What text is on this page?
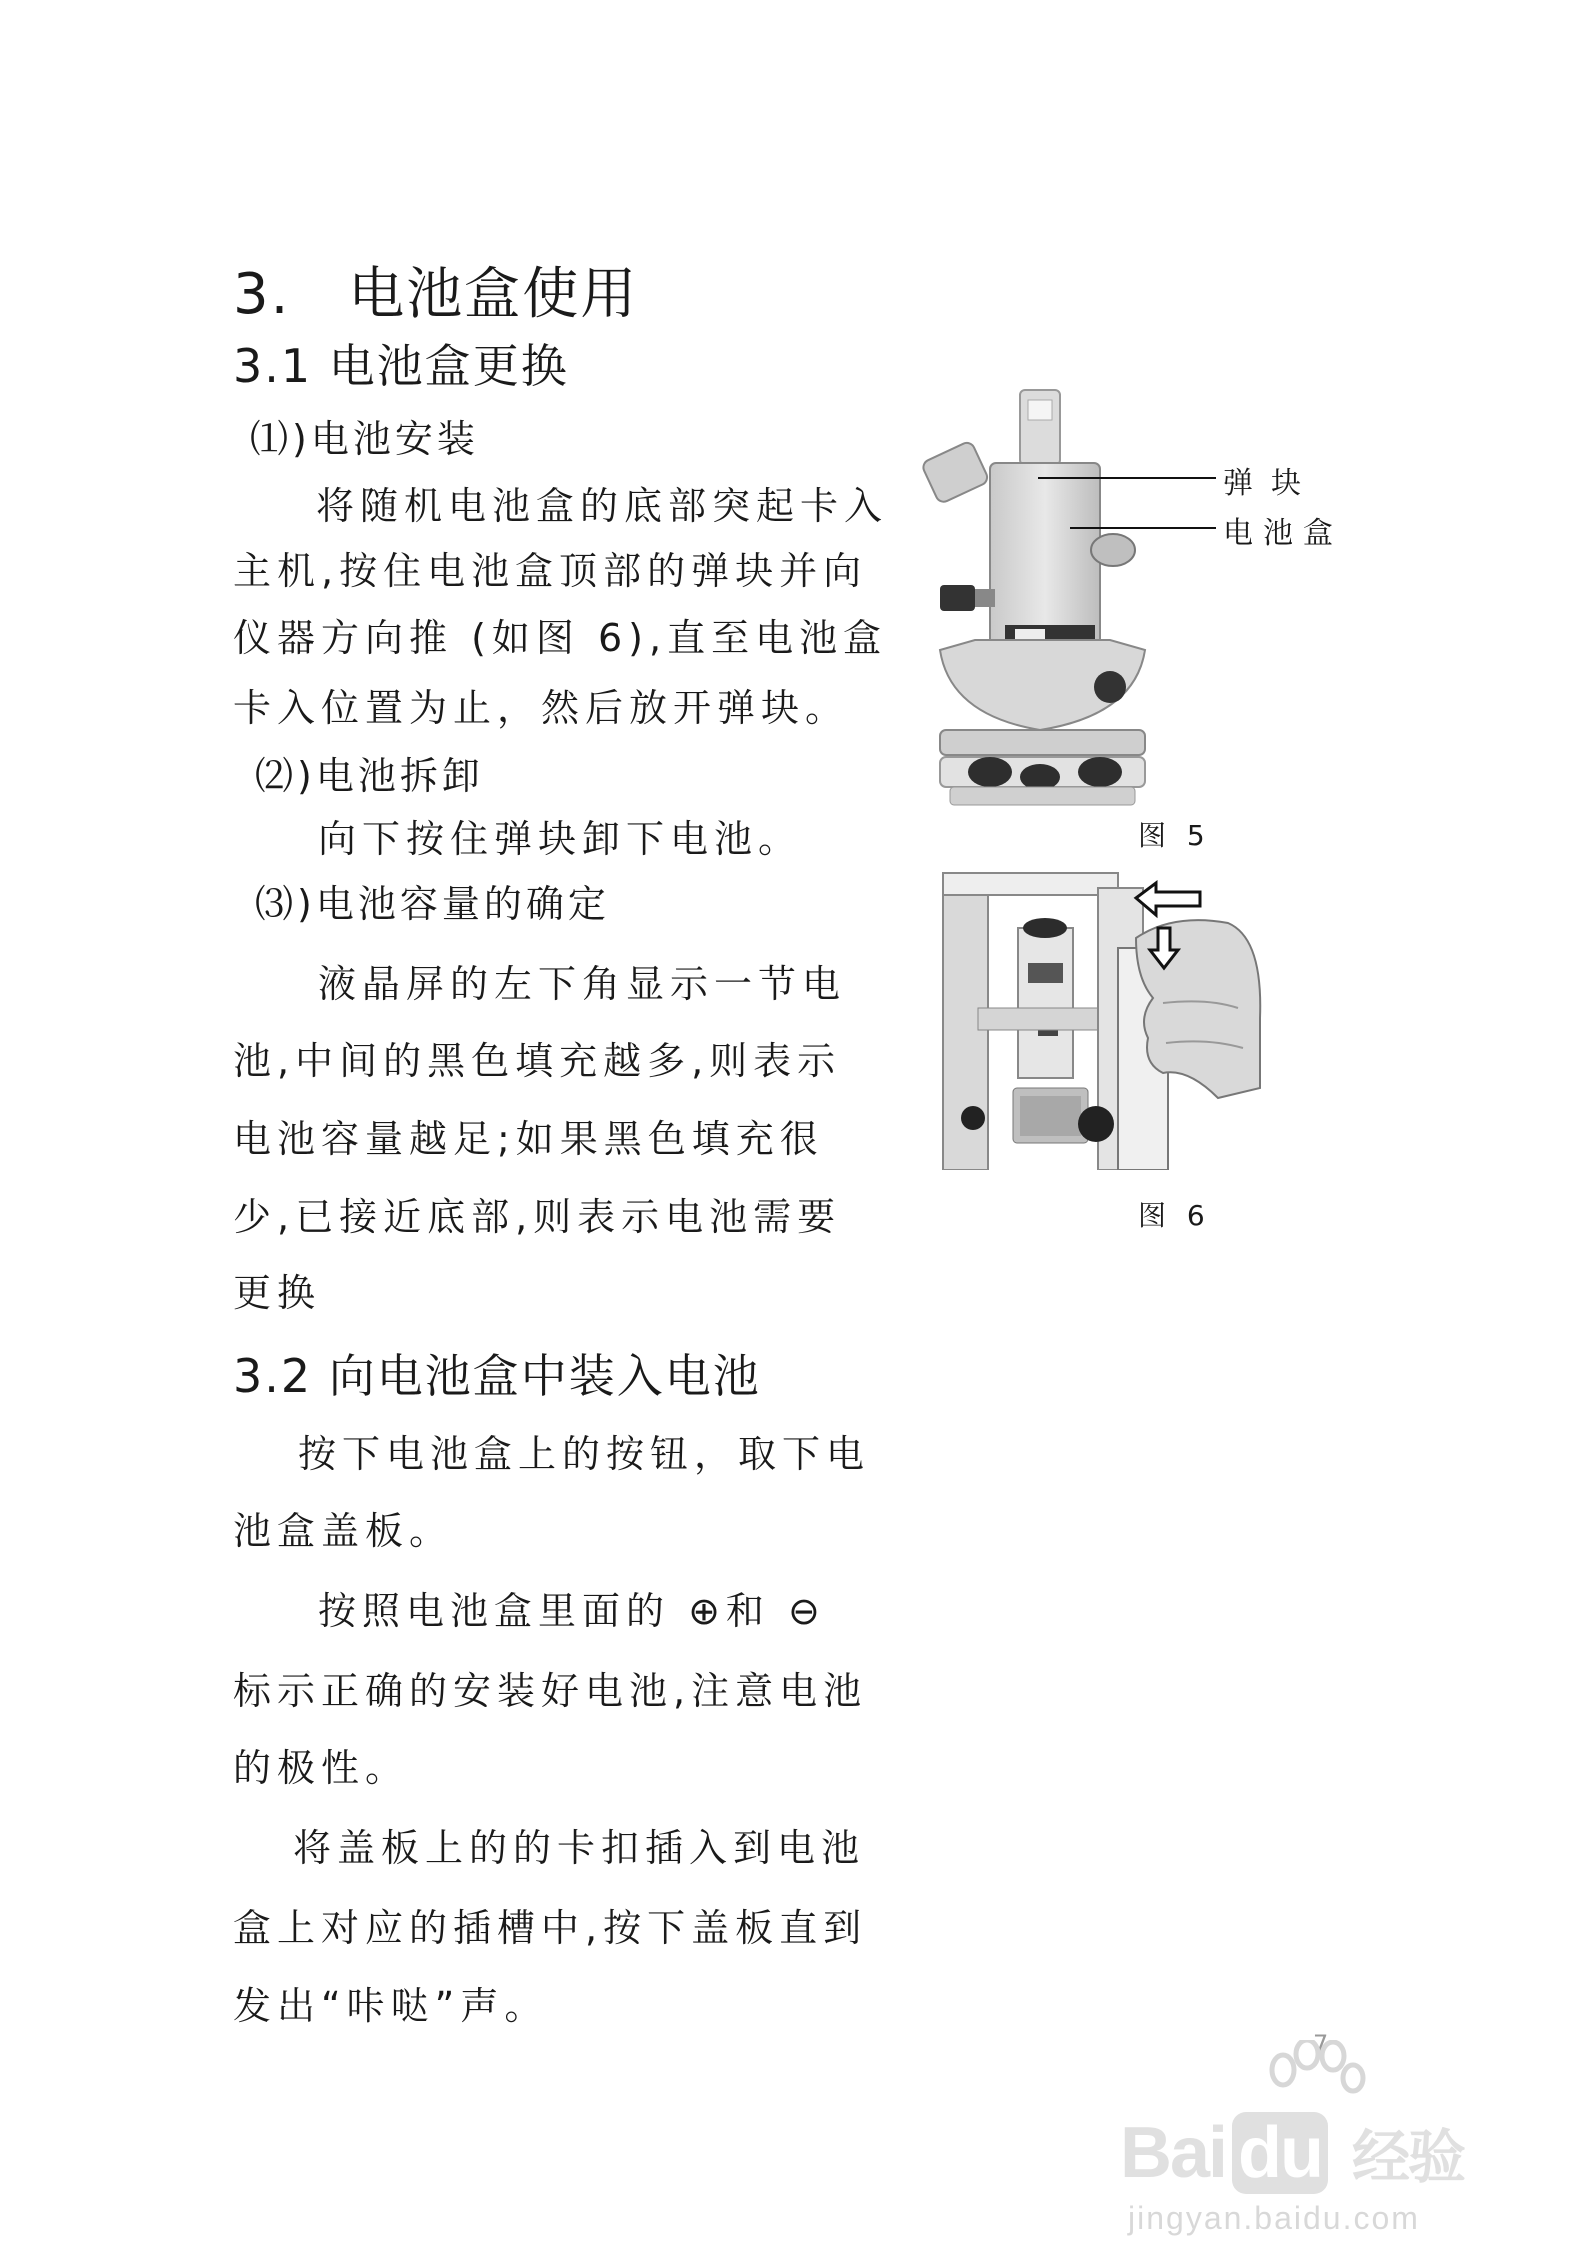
3. 电池盒使用
3.1 电池盒更换
⑴)电池安装
将随机电池盒的底部突起卡入
主机,按住电池盒顶部的弹块并向
仪器方向推 (如图 6),直至电池盒
卡入位置为止，然后放开弹块。
⑵)电池拆卸
向下按住弹块卸下电池。
⑶)电池容量的确定
液晶屏的左下角显示一节电
池,中间的黑色填充越多,则表示
电池容量越足;如果黑色填充很
少,已接近底部,则表示电池需要
更换
3.2 向电池盒中装入电池
按下电池盒上的按钮，取下电
池盒盖板。
按照电池盒里面的 ⊕和 ⊖
标示正确的安装好电池,注意电池
的极性。
将盖板上的的卡扣插入到电池
盒上对应的插槽中,按下盖板直到
发出“咔哒”声。
弹块
电池盒
图 5
图 6
7
Bai du 经验
jingyan.baidu.com
